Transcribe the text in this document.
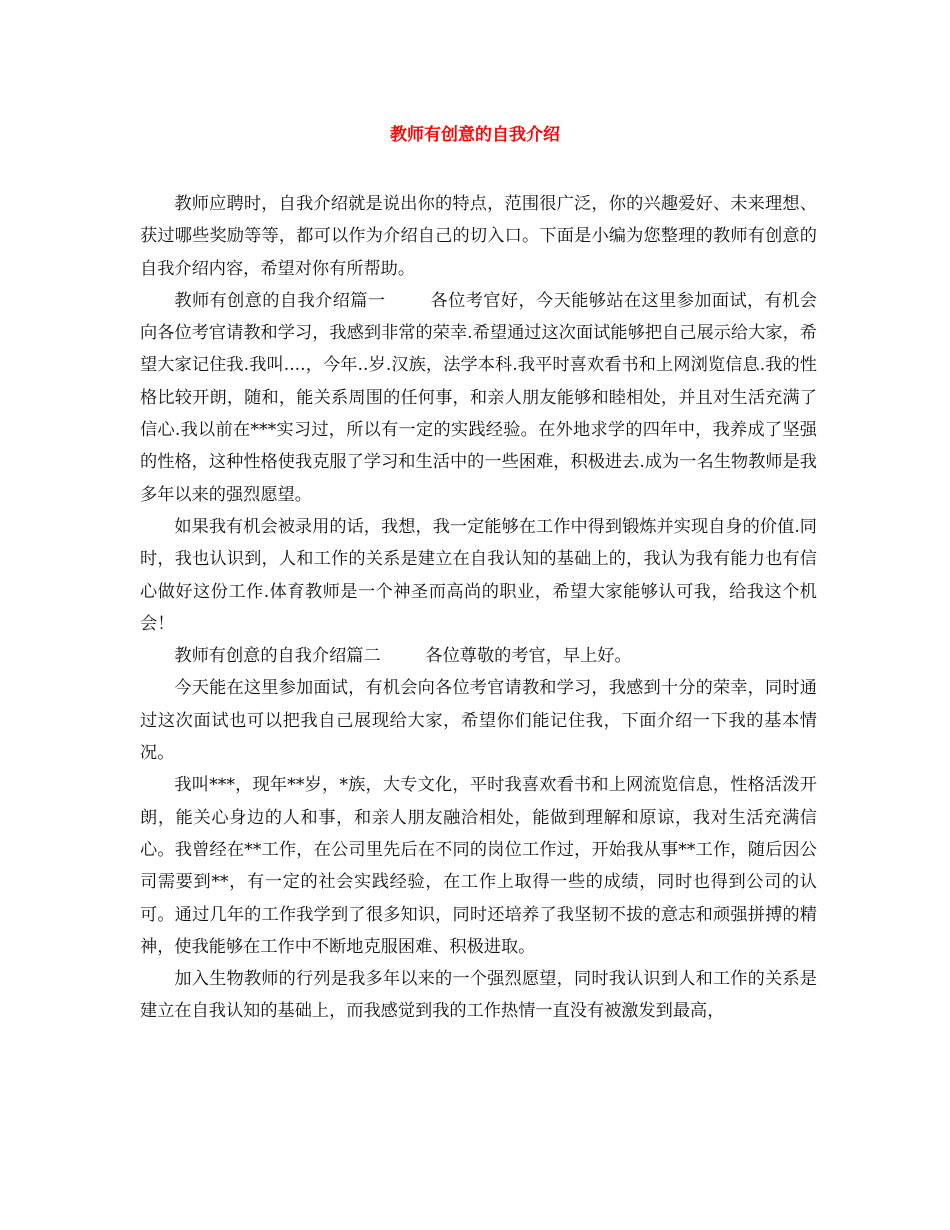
教师有创意的自我介绍

教师应聘时，自我介绍就是说出你的特点，范围很广泛，你的兴趣爱好、未来理想、获过哪些奖励等等，都可以作为介绍自己的切入口。下面是小编为您整理的教师有创意的自我介绍内容，希望对你有所帮助。

教师有创意的自我介绍篇一	各位考官好，今天能够站在这里参加面试，有机会向各位考官请教和学习，我感到非常的荣幸.希望通过这次面试能够把自己展示给大家，希望大家记住我.我叫....，今年..岁.汉族，法学本科.我平时喜欢看书和上网浏览信息.我的性格比较开朗，随和，能关系周围的任何事，和亲人朋友能够和睦相处，并且对生活充满了信心.我以前在***实习过，所以有一定的实践经验。在外地求学的四年中，我养成了坚强的性格，这种性格使我克服了学习和生活中的一些困难，积极进去.成为一名生物教师是我多年以来的强烈愿望。

如果我有机会被录用的话，我想，我一定能够在工作中得到锻炼并实现自身的价值.同时，我也认识到，人和工作的关系是建立在自我认知的基础上的，我认为我有能力也有信心做好这份工作.体育教师是一个神圣而高尚的职业，希望大家能够认可我，给我这个机会！

教师有创意的自我介绍篇二	各位尊敬的考官，早上好。

今天能在这里参加面试，有机会向各位考官请教和学习，我感到十分的荣幸，同时通过这次面试也可以把我自己展现给大家，希望你们能记住我，下面介绍一下我的基本情况。

我叫***，现年**岁，*族，大专文化，平时我喜欢看书和上网流览信息，性格活泼开朗，能关心身边的人和事，和亲人朋友融洽相处，能做到理解和原谅，我对生活充满信心。我曾经在**工作，在公司里先后在不同的岗位工作过，开始我从事**工作，随后因公司需要到**，有一定的社会实践经验，在工作上取得一些的成绩，同时也得到公司的认可。通过几年的工作我学到了很多知识，同时还培养了我坚韧不拔的意志和顽强拼搏的精神，使我能够在工作中不断地克服困难、积极进取。

加入生物教师的行列是我多年以来的一个强烈愿望，同时我认识到人和工作的关系是建立在自我认知的基础上，而我感觉到我的工作热情一直没有被激发到最高，
